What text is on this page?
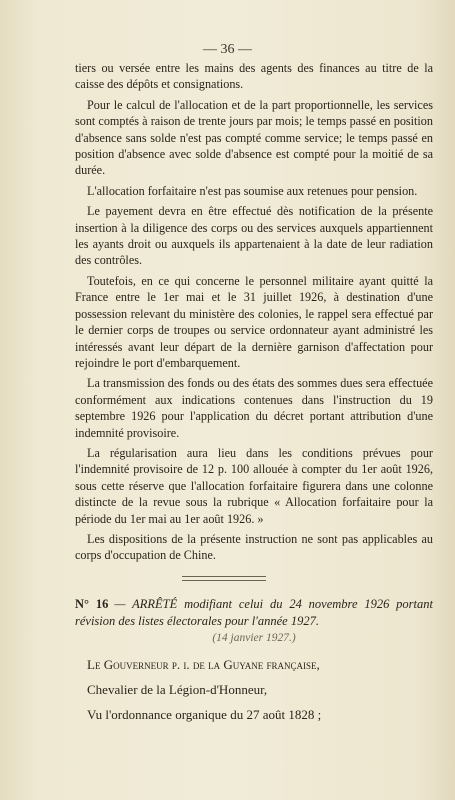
— 36 —

tiers ou versée entre les mains des agents des finances au titre de la caisse des dépôts et consignations.

Pour le calcul de l'allocation et de la part proportionnelle, les services sont comptés à raison de trente jours par mois; le temps passé en position d'absence sans solde n'est pas compté comme service; le temps passé en position d'absence avec solde d'absence est compté pour la moitié de sa durée.

L'allocation forfaitaire n'est pas soumise aux retenues pour pension.

Le payement devra en être effectué dès notification de la présente insertion à la diligence des corps ou des services auxquels appartiennent les ayants droit ou auxquels ils appartenaient à la date de leur radiation des contrôles.

Toutefois, en ce qui concerne le personnel militaire ayant quitté la France entre le 1er mai et le 31 juillet 1926, à destination d'une possession relevant du ministère des colonies, le rappel sera effectué par le dernier corps de troupes ou service ordonnateur ayant administré les intéressés avant leur départ de la dernière garnison d'affectation pour rejoindre le port d'embarquement.

La transmission des fonds ou des états des sommes dues sera effectuée conformément aux indications contenues dans l'instruction du 19 septembre 1926 pour l'application du décret portant attribution d'une indemnité provisoire.

La régularisation aura lieu dans les conditions prévues pour l'indemnité provisoire de 12 p. 100 allouée à compter du 1er août 1926, sous cette réserve que l'allocation forfaitaire figurera dans une colonne distincte de la revue sous la rubrique « Allocation forfaitaire pour la période du 1er mai au 1er août 1926. »

Les dispositions de la présente instruction ne sont pas applicables au corps d'occupation de Chine.

N° 16 — ARRÊTÉ modifiant celui du 24 novembre 1926 portant révision des listes électorales pour l'année 1927.

(14 janvier 1927.)

Le Gouverneur p. i. de la Guyane française,

Chevalier de la Légion-d'Honneur,

Vu l'ordonnance organique du 27 août 1828 ;
